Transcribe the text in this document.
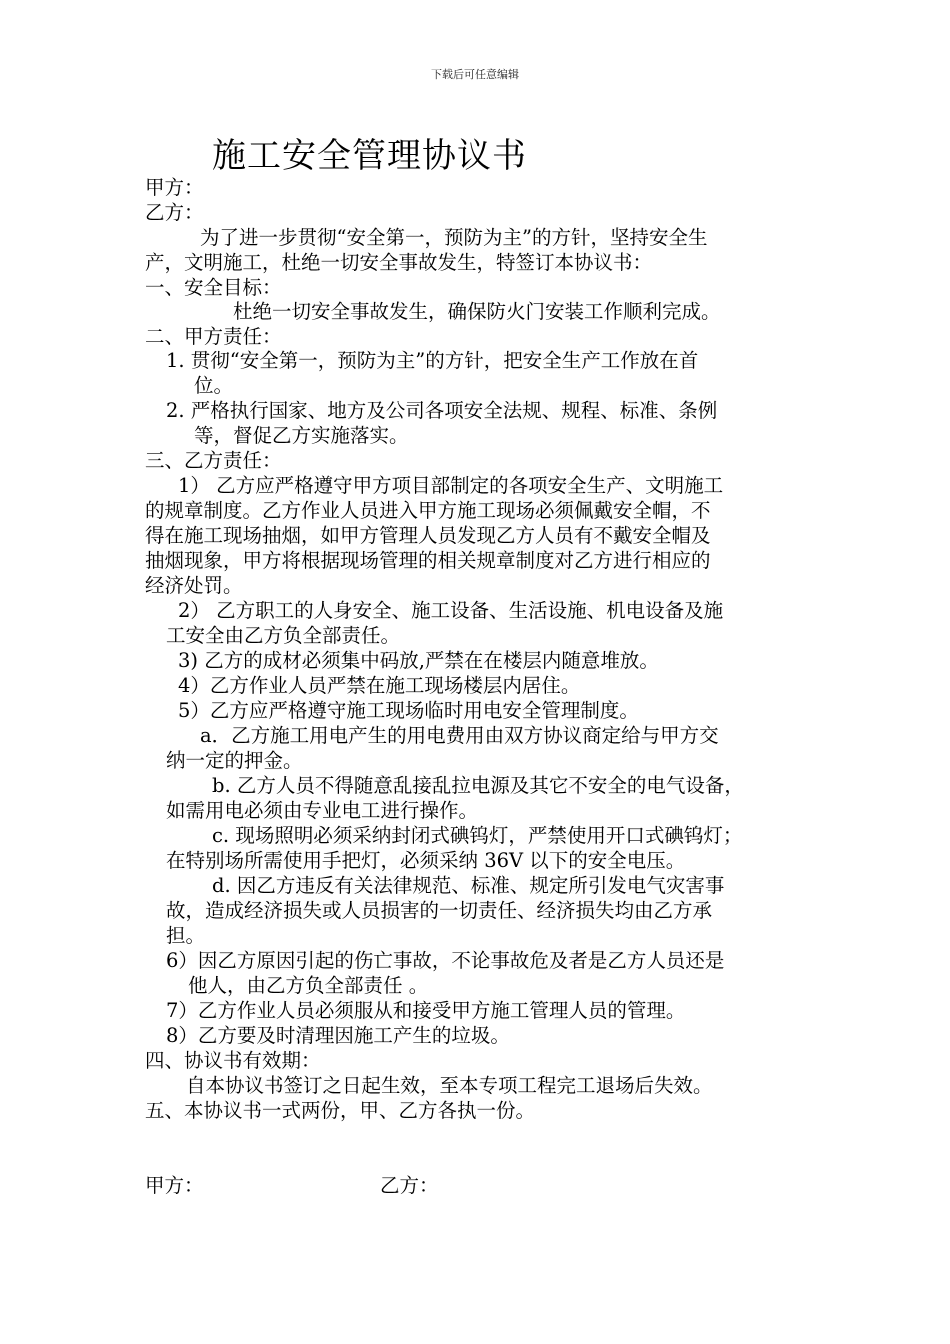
下载后可任意编辑
施工安全管理协议书
甲方：
乙方：
为了进一步贯彻“安全第一，预防为主”的方针，坚持安全生
产，文明施工，杜绝一切安全事故发生，特签订本协议书：
一、安全目标：
杜绝一切安全事故发生，确保防火门安装工作顺利完成。
二、甲方责任：
1. 贯彻“安全第一，预防为主”的方针，把安全生产工作放在首
位。
2. 严格执行国家、地方及公司各项安全法规、规程、标准、条例
等，督促乙方实施落实。
三、乙方责任：
1） 乙方应严格遵守甲方项目部制定的各项安全生产、文明施工
的规章制度。乙方作业人员进入甲方施工现场必须佩戴安全帽，不
得在施工现场抽烟，如甲方管理人员发现乙方人员有不戴安全帽及
抽烟现象，甲方将根据现场管理的相关规章制度对乙方进行相应的
经济处罚。
2） 乙方职工的人身安全、施工设备、生活设施、机电设备及施
工安全由乙方负全部责任。
3) 乙方的成材必须集中码放,严禁在在楼层内随意堆放。
4）乙方作业人员严禁在施工现场楼层内居住。
5）乙方应严格遵守施工现场临时用电安全管理制度。
a．乙方施工用电产生的用电费用由双方协议商定给与甲方交
纳一定的押金。
b. 乙方人员不得随意乱接乱拉电源及其它不安全的电气设备，
如需用电必须由专业电工进行操作。
c. 现场照明必须采纳封闭式碘钨灯，严禁使用开口式碘钨灯；
在特别场所需使用手把灯，必须采纳 36V 以下的安全电压。
d. 因乙方违反有关法律规范、标准、规定所引发电气灾害事
故，造成经济损失或人员损害的一切责任、经济损失均由乙方承
担。
6）因乙方原因引起的伤亡事故，不论事故危及者是乙方人员还是
他人，由乙方负全部责任 。
7）乙方作业人员必须服从和接受甲方施工管理人员的管理。
8）乙方要及时清理因施工产生的垃圾。
四、协议书有效期：
自本协议书签订之日起生效，至本专项工程完工退场后失效。
五、本协议书一式两份，甲、乙方各执一份。
甲方：	乙方：
